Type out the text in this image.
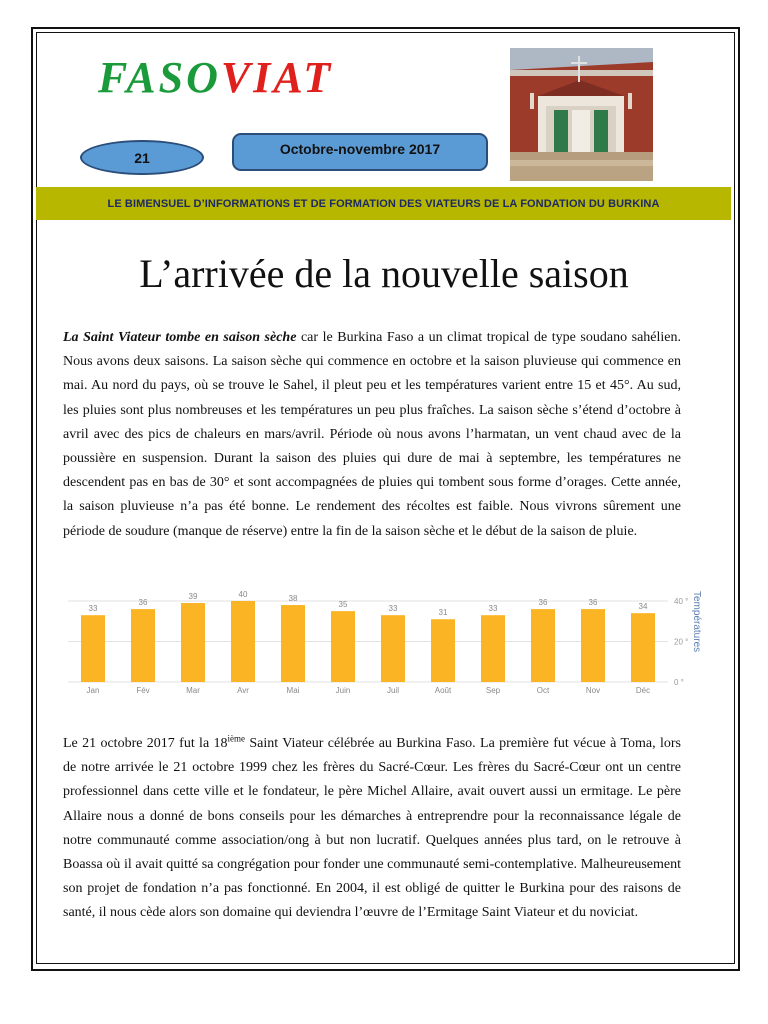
FASOVIAT
21
Octobre-novembre 2017
LE BIMENSUEL D’INFORMATIONS ET DE FORMATION DES VIATEURS DE LA FONDATION DU BURKINA
L’arrivée de la nouvelle saison
La Saint Viateur tombe en saison sèche car le Burkina Faso a un climat tropical de type soudano sahélien. Nous avons deux saisons. La saison sèche qui commence en octobre et la saison pluvieuse qui commence en mai. Au nord du pays, où se trouve le Sahel, il pleut peu et les températures varient entre 15 et 45°. Au sud, les pluies sont plus nombreuses et les températures un peu plus fraîches. La saison sèche s’étend d’octobre à avril avec des pics de chaleurs en mars/avril. Période où nous avons l’harmatan, un vent chaud avec de la poussière en suspension. Durant la saison des pluies qui dure de mai à septembre, les températures ne descendent pas en bas de 30° et sont accompagnées de pluies qui tombent sous forme d’orages. Cette année, la saison pluvieuse n’a pas été bonne. Le rendement des récoltes est faible. Nous vivrons sûrement une période de soudure (manque de réserve) entre la fin de la saison sèche et le début de la saison de pluie.
33
36
39	40	38
35	33	31	33
36	36	34
Jan	Fév	Mar	Avr	Mai	Juin	Juil	Août	Sep	Oct	Nov	Déc
0 °
20 °
40 ° Températures
Le 21 octobre 2017 fut la 18ième Saint Viateur célébrée au Burkina Faso. La première fut vécue à Toma, lors de notre arrivée le 21 octobre 1999 chez les frères du Sacré-Cœur. Les frères du Sacré-Cœur ont un centre professionnel dans cette ville et le fondateur, le père Michel Allaire, avait ouvert aussi un ermitage. Le père Allaire nous a donné de bons conseils pour les démarches à entreprendre pour la reconnaissance légale de notre communauté comme association/ong à but non lucratif. Quelques années plus tard, on le retrouve à Boassa où il avait quitté sa congrégation pour fonder une communauté semi-contemplative. Malheureusement son projet de fondation n’a pas fonctionné. En 2004, il est obligé de quitter le Burkina pour des raisons de santé, il nous cède alors son domaine qui deviendra l’œuvre de l’Ermitage Saint Viateur et du noviciat.
